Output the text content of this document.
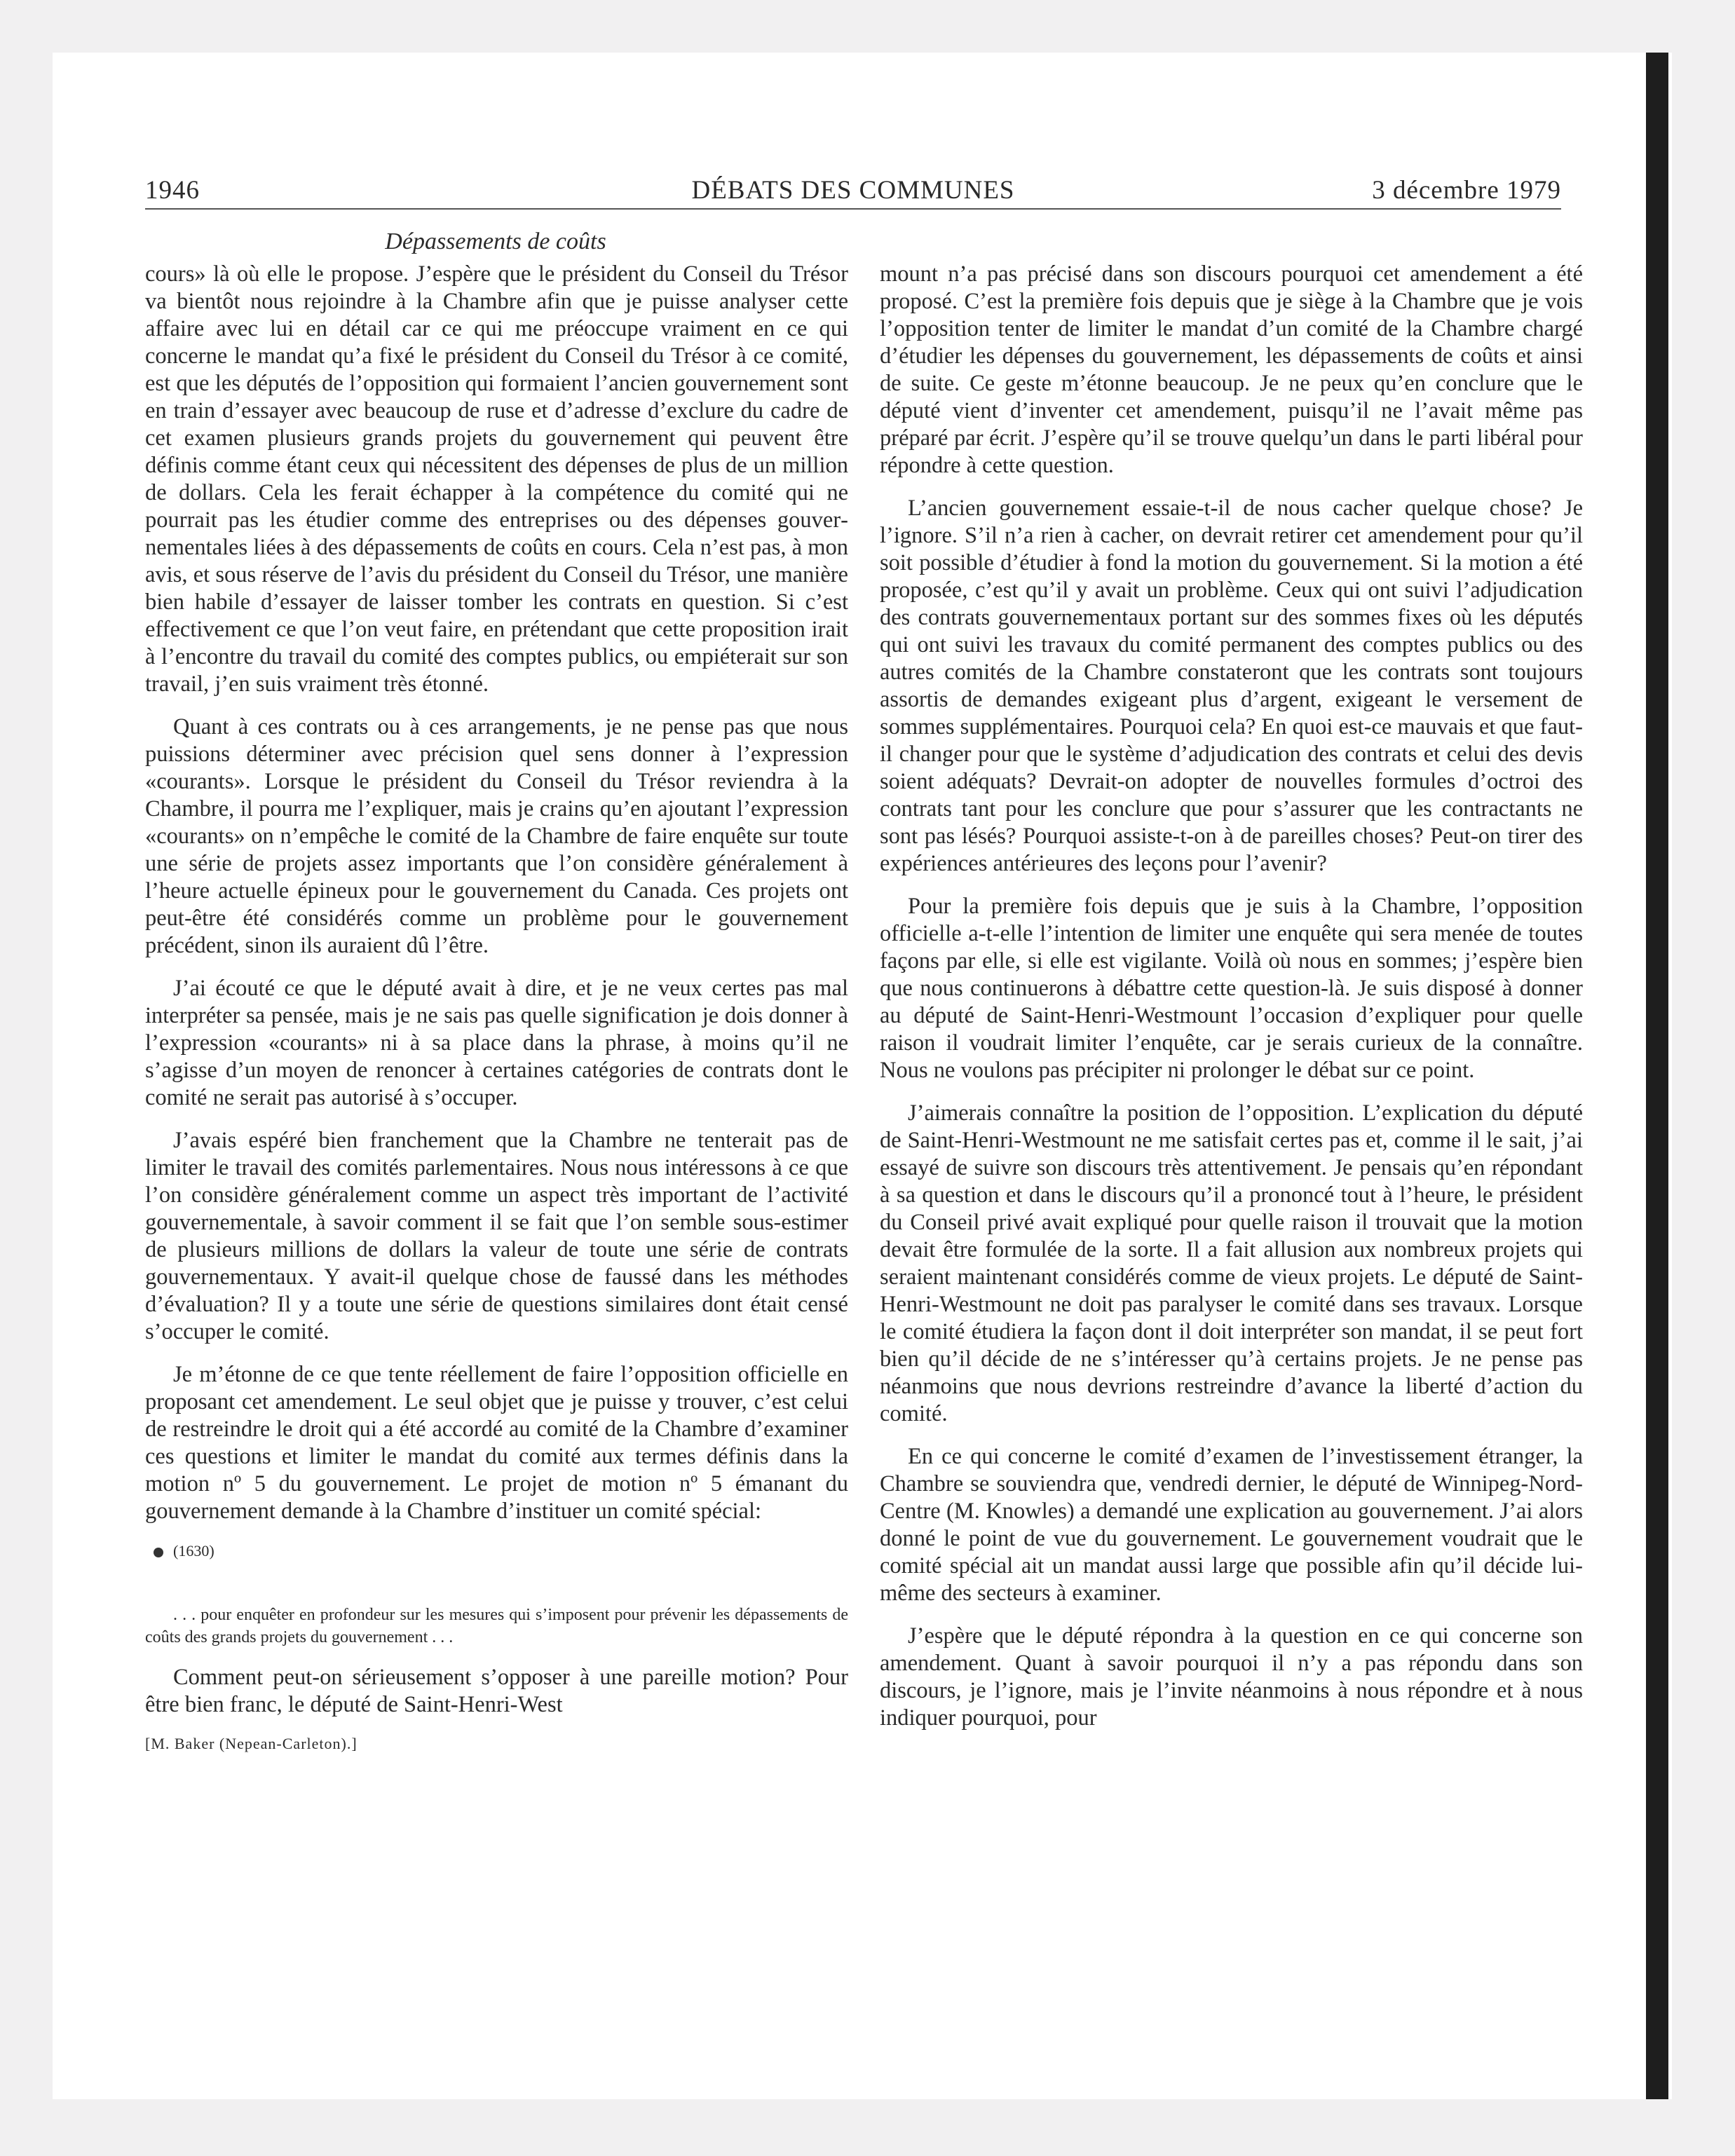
1946	DÉBATS DES COMMUNES	3 décembre 1979
Dépassements de coûts

cours» là où elle le propose. J’espère que le président du Conseil du Trésor va bientôt nous rejoindre à la Chambre afin que je puisse analyser cette affaire avec lui en détail car ce qui me préoccupe vraiment en ce qui concerne le mandat qu’a fixé le président du Conseil du Trésor à ce comité, est que les députés de l’opposition qui formaient l’ancien gouvernement sont en train d’essayer avec beaucoup de ruse et d’adresse d’exclure du cadre de cet examen plusieurs grands projets du gouvernement qui peuvent être définis comme étant ceux qui nécessitent des dépenses de plus de un million de dollars. Cela les ferait échapper à la compétence du comité qui ne pourrait pas les étudier comme des entreprises ou des dépenses gouvernementales liées à des dépassements de coûts en cours. Cela n’est pas, à mon avis, et sous réserve de l’avis du président du Conseil du Trésor, une manière bien habile d’essayer de laisser tomber les contrats en question. Si c’est effectivement ce que l’on veut faire, en prétendant que cette proposition irait à l’encontre du travail du comité des comptes publics, ou empiéterait sur son travail, j’en suis vraiment très étonné.

Quant à ces contrats ou à ces arrangements, je ne pense pas que nous puissions déterminer avec précision quel sens donner à l’expression «courants». Lorsque le président du Conseil du Trésor reviendra à la Chambre, il pourra me l’expliquer, mais je crains qu’en ajoutant l’expression «courants» on n’empêche le comité de la Chambre de faire enquête sur toute une série de projets assez importants que l’on considère généralement à l’heure actuelle épineux pour le gouvernement du Canada. Ces projets ont peut-être été considérés comme un problème pour le gouvernement précédent, sinon ils auraient dû l’être.

J’ai écouté ce que le député avait à dire, et je ne veux certes pas mal interpréter sa pensée, mais je ne sais pas quelle signification je dois donner à l’expression «courants» ni à sa place dans la phrase, à moins qu’il ne s’agisse d’un moyen de renoncer à certaines catégories de contrats dont le comité ne serait pas autorisé à s’occuper.

J’avais espéré bien franchement que la Chambre ne tenterait pas de limiter le travail des comités parlementaires. Nous nous intéressons à ce que l’on considère généralement comme un aspect très important de l’activité gouvernementale, à savoir comment il se fait que l’on semble sous-estimer de plusieurs millions de dollars la valeur de toute une série de contrats gouvernementaux. Y avait-il quelque chose de faussé dans les méthodes d’évaluation? Il y a toute une série de questions similaires dont était censé s’occuper le comité.

Je m’étonne de ce que tente réellement de faire l’opposition officielle en proposant cet amendement. Le seul objet que je puisse y trouver, c’est celui de restreindre le droit qui a été accordé au comité de la Chambre d’examiner ces questions et limiter le mandat du comité aux termes définis dans la motion nº 5 du gouvernement. Le projet de motion nº 5 émanant du gouvernement demande à la Chambre d’instituer un comité spécial:

(1630)

. . . pour enquêter en profondeur sur les mesures qui s’imposent pour prévenir les dépassements de coûts des grands projets du gouvernement . . .

Comment peut-on sérieusement s’opposer à une pareille motion? Pour être bien franc, le député de Saint-Henri-West

[M. Baker (Nepean-Carleton).]

mount n’a pas précisé dans son discours pourquoi cet amendement a été proposé. C’est la première fois depuis que je siège à la Chambre que je vois l’opposition tenter de limiter le mandat d’un comité de la Chambre chargé d’étudier les dépenses du gouvernement, les dépassements de coûts et ainsi de suite. Ce geste m’étonne beaucoup. Je ne peux qu’en conclure que le député vient d’inventer cet amendement, puisqu’il ne l’avait même pas préparé par écrit. J’espère qu’il se trouve quelqu’un dans le parti libéral pour répondre à cette question.

L’ancien gouvernement essaie-t-il de nous cacher quelque chose? Je l’ignore. S’il n’a rien à cacher, on devrait retirer cet amendement pour qu’il soit possible d’étudier à fond la motion du gouvernement. Si la motion a été proposée, c’est qu’il y avait un problème. Ceux qui ont suivi l’adjudication des contrats gouvernementaux portant sur des sommes fixes où les députés qui ont suivi les travaux du comité permanent des comptes publics ou des autres comités de la Chambre constateront que les contrats sont toujours assortis de demandes exigeant plus d’argent, exigeant le versement de sommes supplémentaires. Pourquoi cela? En quoi est-ce mauvais et que faut-il changer pour que le système d’adjudication des contrats et celui des devis soient adéquats? Devrait-on adopter de nouvelles formules d’octroi des contrats tant pour les conclure que pour s’assurer que les contractants ne sont pas lésés? Pourquoi assiste-t-on à de pareilles choses? Peut-on tirer des expériences antérieures des leçons pour l’avenir?

Pour la première fois depuis que je suis à la Chambre, l’opposition officielle a-t-elle l’intention de limiter une enquête qui sera menée de toutes façons par elle, si elle est vigilante. Voilà où nous en sommes; j’espère bien que nous continuerons à débattre cette question-là. Je suis disposé à donner au député de Saint-Henri-Westmount l’occasion d’expliquer pour quelle raison il voudrait limiter l’enquête, car je serais curieux de la connaître. Nous ne voulons pas précipiter ni prolonger le débat sur ce point.

J’aimerais connaître la position de l’opposition. L’explication du député de Saint-Henri-Westmount ne me satisfait certes pas et, comme il le sait, j’ai essayé de suivre son discours très attentivement. Je pensais qu’en répondant à sa question et dans le discours qu’il a prononcé tout à l’heure, le président du Conseil privé avait expliqué pour quelle raison il trouvait que la motion devait être formulée de la sorte. Il a fait allusion aux nombreux projets qui seraient maintenant considérés comme de vieux projets. Le député de Saint-Henri-Westmount ne doit pas paralyser le comité dans ses travaux. Lorsque le comité étudiera la façon dont il doit interpréter son mandat, il se peut fort bien qu’il décide de ne s’intéresser qu’à certains projets. Je ne pense pas néanmoins que nous devrions restreindre d’avance la liberté d’action du comité.

En ce qui concerne le comité d’examen de l’investissement étranger, la Chambre se souviendra que, vendredi dernier, le député de Winnipeg-Nord-Centre (M. Knowles) a demandé une explication au gouvernement. J’ai alors donné le point de vue du gouvernement. Le gouvernement voudrait que le comité spécial ait un mandat aussi large que possible afin qu’il décide lui-même des secteurs à examiner.

J’espère que le député répondra à la question en ce qui concerne son amendement. Quant à savoir pourquoi il n’y a pas répondu dans son discours, je l’ignore, mais je l’invite néanmoins à nous répondre et à nous indiquer pourquoi, pour
